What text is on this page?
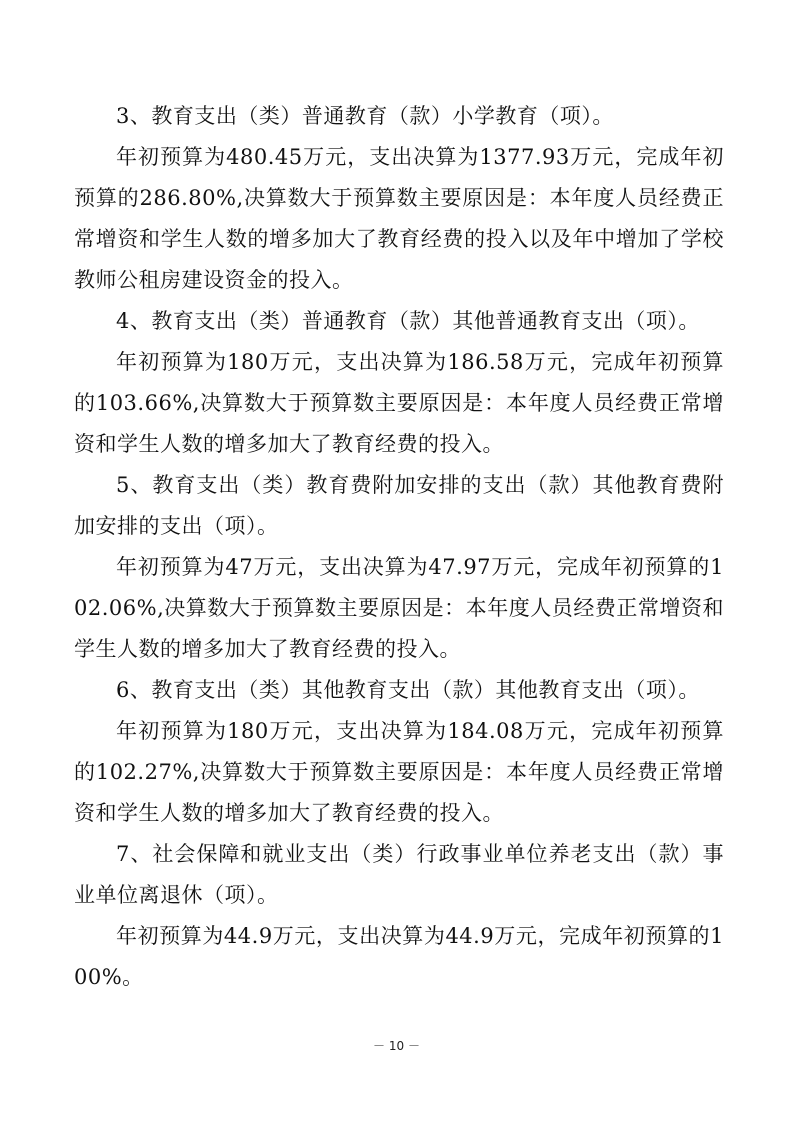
3、教育支出（类）普通教育（款）小学教育（项）。

年初预算为480.45万元，支出决算为1377.93万元，完成年初预算的286.80%,决算数大于预算数主要原因是：本年度人员经费正常增资和学生人数的增多加大了教育经费的投入以及年中增加了学校教师公租房建设资金的投入。

4、教育支出（类）普通教育（款）其他普通教育支出（项）。

年初预算为180万元，支出决算为186.58万元，完成年初预算的103.66%,决算数大于预算数主要原因是：本年度人员经费正常增资和学生人数的增多加大了教育经费的投入。

5、教育支出（类）教育费附加安排的支出（款）其他教育费附加安排的支出（项）。

年初预算为47万元，支出决算为47.97万元，完成年初预算的102.06%,决算数大于预算数主要原因是：本年度人员经费正常增资和学生人数的增多加大了教育经费的投入。

6、教育支出（类）其他教育支出（款）其他教育支出（项）。

年初预算为180万元，支出决算为184.08万元，完成年初预算的102.27%,决算数大于预算数主要原因是：本年度人员经费正常增资和学生人数的增多加大了教育经费的投入。

7、社会保障和就业支出（类）行政事业单位养老支出（款）事业单位离退休（项）。

年初预算为44.9万元，支出决算为44.9万元，完成年初预算的100%。

－ 10 －
